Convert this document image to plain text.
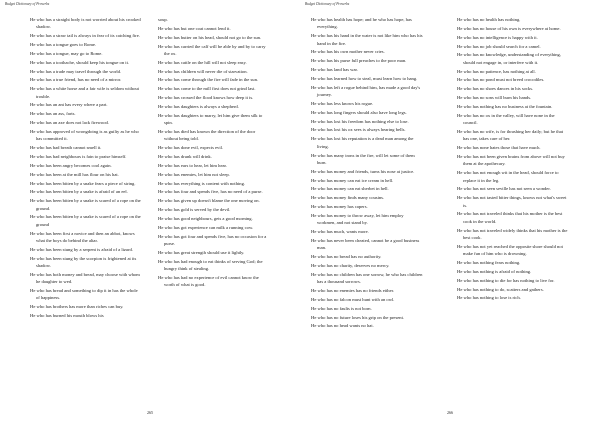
Budget Dictionary of Proverbs

He who has a straight body is not worried about his crooked shadow.

He who has a straw tail is always in fear of its catching fire.

He who has a tongue goes to Rome.

He who has a tongue, may go to Rome.

He who has a toothache, should keep his tongue on it.

He who has a trade may travel through the world.

He who has a true friend, has no need of a mirror.

He who has a white horse and a fair wife is seldom without trouble.

He who has an ant has every where a part.

He who has an ass, farts.

He who has an axe does not lack firewood.

He who has approved of wrongdoing is as guilty as he who has committed it.

He who has bad breath cannot smell it.

He who has bad neighbours is fain to praise himself.

He who has been angry becomes cool again.

He who has been at the mill has flour on his hat.

He who has been bitten by a snake fears a piece of string.

He who has been bitten by a snake is afraid of an eel.

He who has been bitten by a snake is scared of a rope on the ground.

He who has been bitten by a snake is scared of a rope on the ground

He who has been first a novice and then an abbot, knows what the boys do behind the altar.

He who has been stung by a serpent is afraid of a lizard.

He who has been stung by the scorpion is frightened at its shadow.

He who has both money and bread, may choose with whom he daughter to wed.

He who has bread and something to dip it in has the whole of happiness.

He who has brothers has more than riches can buy.

He who has burned his mouth blows his

soup.

He who has but one coat cannot lend it.

He who has butter on his head, should not go to the sun.

He who has carried the calf will be able by and by to carry the ox.

He who has cattle on the hill will not sleep easy.

He who has children will never die of starvation.

He who has come through the fire will fade in the sun.

He who has come to the mill first does not grind last.

He who has crossed the flood knows how deep it is.

He who has daughters is always a shepherd.

He who has daughters to marry, let him give them silk to spin.

He who has died has known the direction of the door without being told.

He who has done evil, expects evil.

He who has drunk will drink.

He who has ears to hear, let him hear.

He who has enemies, let him not sleep.

He who has everything is content with nothing.

He who has four and spends five, has no need of a purse.

He who has given up doesn't blame the one moving on.

He who has gold is served by the devil.

He who has good neighbours, gets a good morning.

He who has got experience can milk a running cow.

He who has got four and spends five, has no occasion for a purse.

He who has great strength should use it lightly.

He who has had enough to eat thinks of serving God; the hungry think of stealing.

He who has had no experience of evil cannot know the worth of what is good.

265
Budget Dictionary of Proverbs

He who has health has hope; and he who has hope, has everything.

He who has his hand in the water is not like him who has his hand in the fire.

He who has his own mother never cries.

He who has his purse full preaches to the poor man.

He who has land has war.

He who has learned how to steal, must learn how to hang.

He who has left a rogue behind him, has made a good day's journey.

He who has less knows his rogue.

He who has long fingers should also have long legs.

He who has lost his freedom has nothing else to lose.

He who has lost his ox sees is always hearing bells.

He who has lost his reputation is a dead man among the living.

He who has many irons in the fire, will let some of them burn.

He who has money and friends, turns his nose at justice.

He who has money can eat ice cream in hell.

He who has money can eat sherbet in hell.

He who has money finds many cousins.

He who has money has capers.

He who has money to throw away, let him employ workmen, and not stand by.

He who has much, wants more.

He who has never been cheated, cannot be a good business man.

He who has no bread has no authority.

He who has no charity, deserves no mercy.

He who has no children has one sorrow, he who has children has a thousand sorrows.

He who has no enemies has no friends either.

He who has no falcon must hunt with an owl.

He who has no faults is not born.

He who has no future loses his grip on the present.

He who has no head wants no hat.

He who has no health has nothing.

He who has no house of his own is everywhere at home.

He who has no intelligence is happy with it.

He who has no job should search for a camel.

He who has no knowledge, understanding of everything, should not engage in, or interfere with it.

He who has no patience, has nothing at all.

He who has no pond must not breed crocodiles.

He who has no shoes dances in his socks.

He who has no sons will burn his hands.

He who has nothing has no business at the fountain.

He who has no ox in the valley, will have none in the council.

He who has no wife, is for thrashing her daily; but he that has one, takes care of her.

He who has none hates those that have much.

He who has not been given brains from above will not buy them at the apothecary.

He who has not enough wit in the head, should force to replace it in the leg.

He who has not seen seville has not seen a wonder.

He who has not tasted bitter things, knows not what's sweet is.

He who has not traveled thinks that his mother is the best cook in the world.

He who has not traveled widely thinks that his mother is the best cook.

He who has not yet reached the opposite shore should not make fun of him who is drowning.

He who has nothing fears nothing.

He who has nothing is afraid of nothing.

He who has nothing to die for has nothing to live for.

He who has nothing to do, scatters and gathers.

He who has nothing to lose is rich.

266
